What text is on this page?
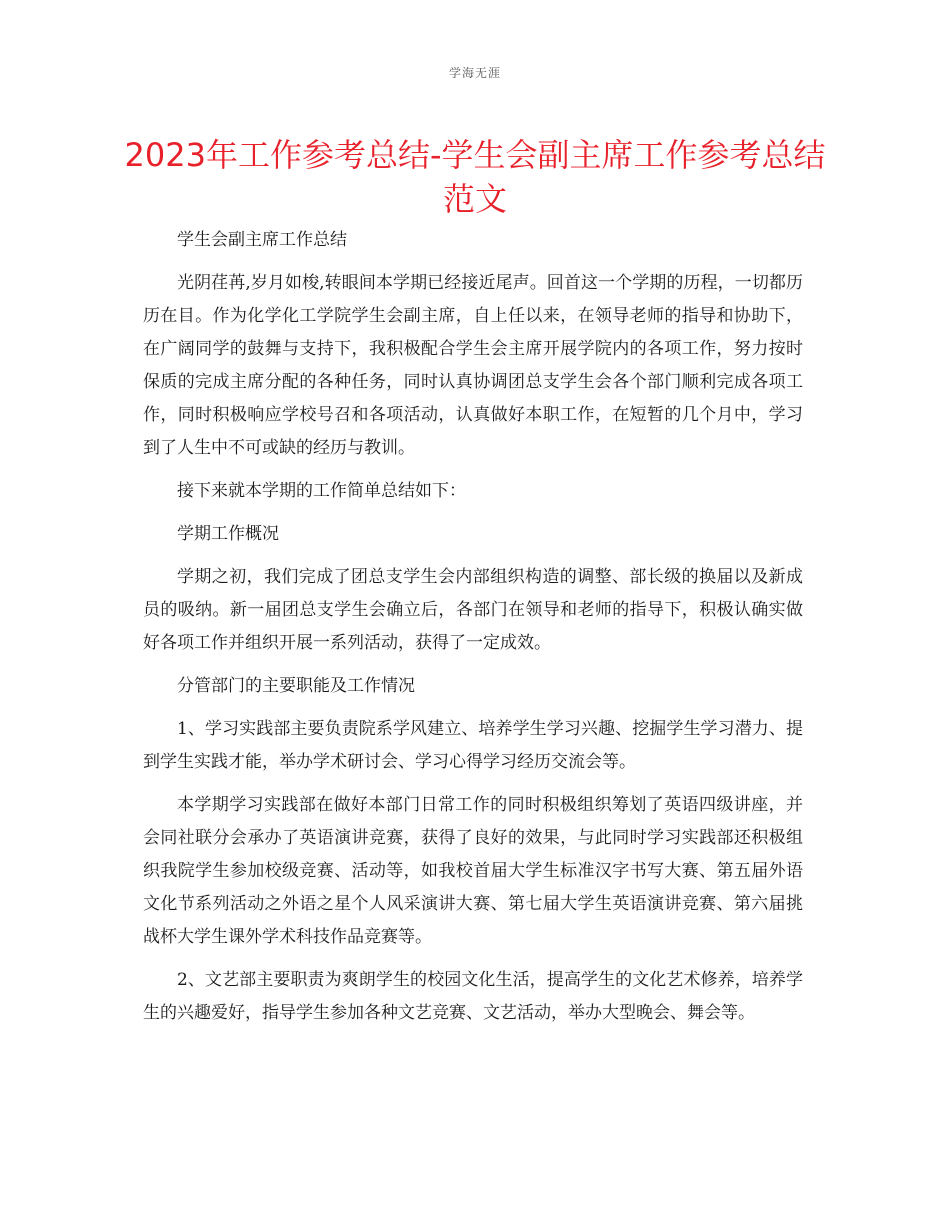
学海无涯
2023年工作参考总结-学生会副主席工作参考总结范文

学生会副主席工作总结

光阴荏苒,岁月如梭,转眼间本学期已经接近尾声。回首这一个学期的历程，一切都历历在目。作为化学化工学院学生会副主席，自上任以来，在领导老师的指导和协助下，在广阔同学的鼓舞与支持下，我积极配合学生会主席开展学院内的各项工作，努力按时保质的完成主席分配的各种任务，同时认真协调团总支学生会各个部门顺利完成各项工作，同时积极响应学校号召和各项活动，认真做好本职工作，在短暂的几个月中，学习到了人生中不可或缺的经历与教训。

接下来就本学期的工作简单总结如下：

学期工作概况

学期之初，我们完成了团总支学生会内部组织构造的调整、部长级的换届以及新成员的吸纳。新一届团总支学生会确立后，各部门在领导和老师的指导下，积极认确实做好各项工作并组织开展一系列活动，获得了一定成效。

分管部门的主要职能及工作情况

1、学习实践部主要负责院系学风建立、培养学生学习兴趣、挖掘学生学习潜力、提到学生实践才能，举办学术研讨会、学习心得学习经历交流会等。

本学期学习实践部在做好本部门日常工作的同时积极组织筹划了英语四级讲座，并会同社联分会承办了英语演讲竞赛，获得了良好的效果，与此同时学习实践部还积极组织我院学生参加校级竞赛、活动等，如我校首届大学生标准汉字书写大赛、第五届外语文化节系列活动之外语之星个人风采演讲大赛、第七届大学生英语演讲竞赛、第六届挑战杯大学生课外学术科技作品竞赛等。

2、文艺部主要职责为爽朗学生的校园文化生活，提高学生的文化艺术修养，培养学生的兴趣爱好，指导学生参加各种文艺竞赛、文艺活动，举办大型晚会、舞会等。
